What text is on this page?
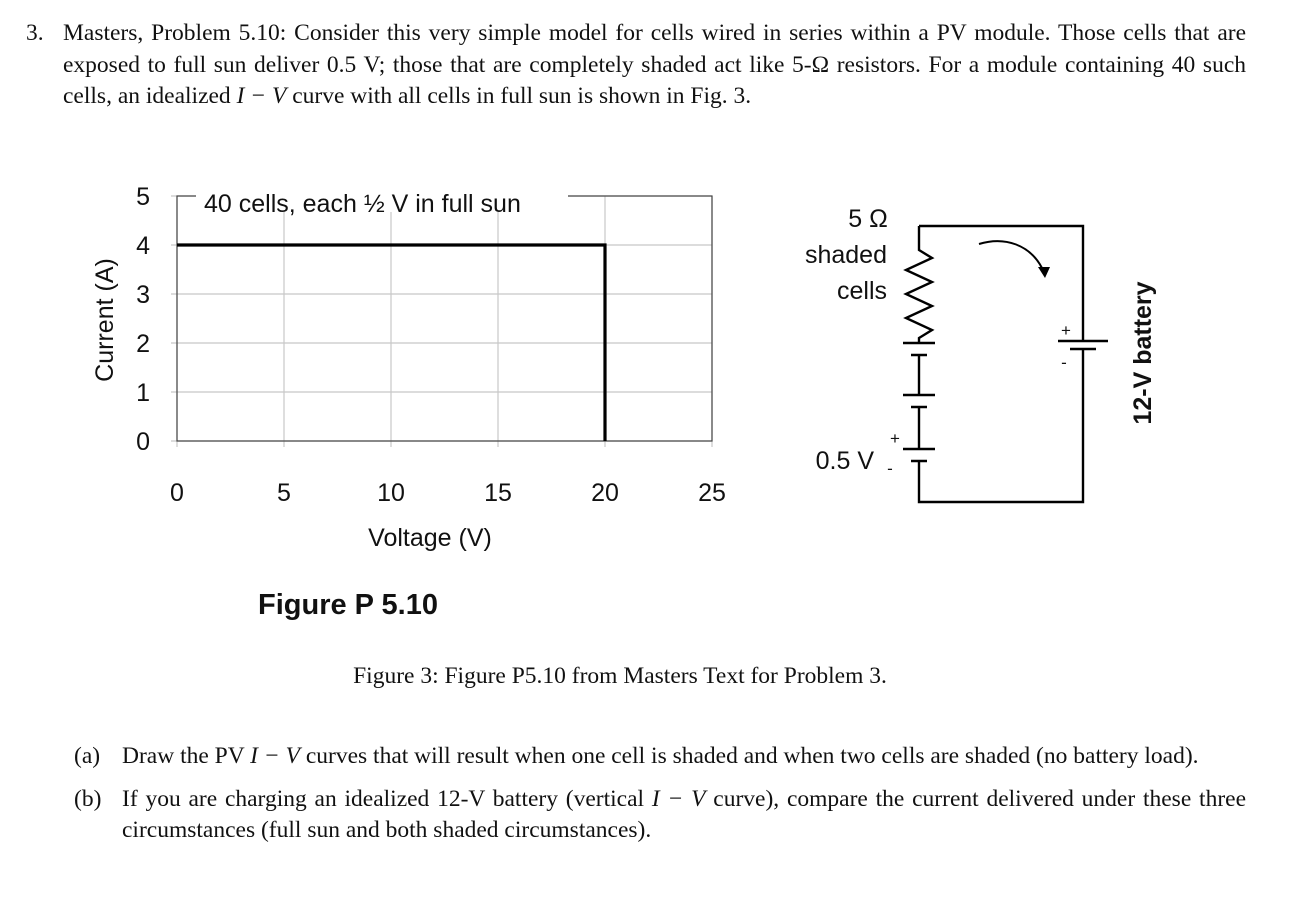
3. Masters, Problem 5.10: Consider this very simple model for cells wired in series within a PV module. Those cells that are exposed to full sun deliver 0.5 V; those that are completely shaded act like 5-Ω resistors. For a module containing 40 such cells, an idealized I − V curve with all cells in full sun is shown in Fig. 3.
40 cells, each ½ V in full sun
0
1
2
3
4
5
0	5	10	15	20	25
Current (A)
Voltage (V)
Figure P 5.10
5 Ω
shaded
cells
0.5 V
+
-
+
- 12-V battery
Figure 3: Figure P5.10 from Masters Text for Problem 3.
(a) Draw the PV I − V curves that will result when one cell is shaded and when two cells are shaded (no battery load).
(b) If you are charging an idealized 12-V battery (vertical I − V curve), compare the current delivered under these three circumstances (full sun and both shaded circumstances).
